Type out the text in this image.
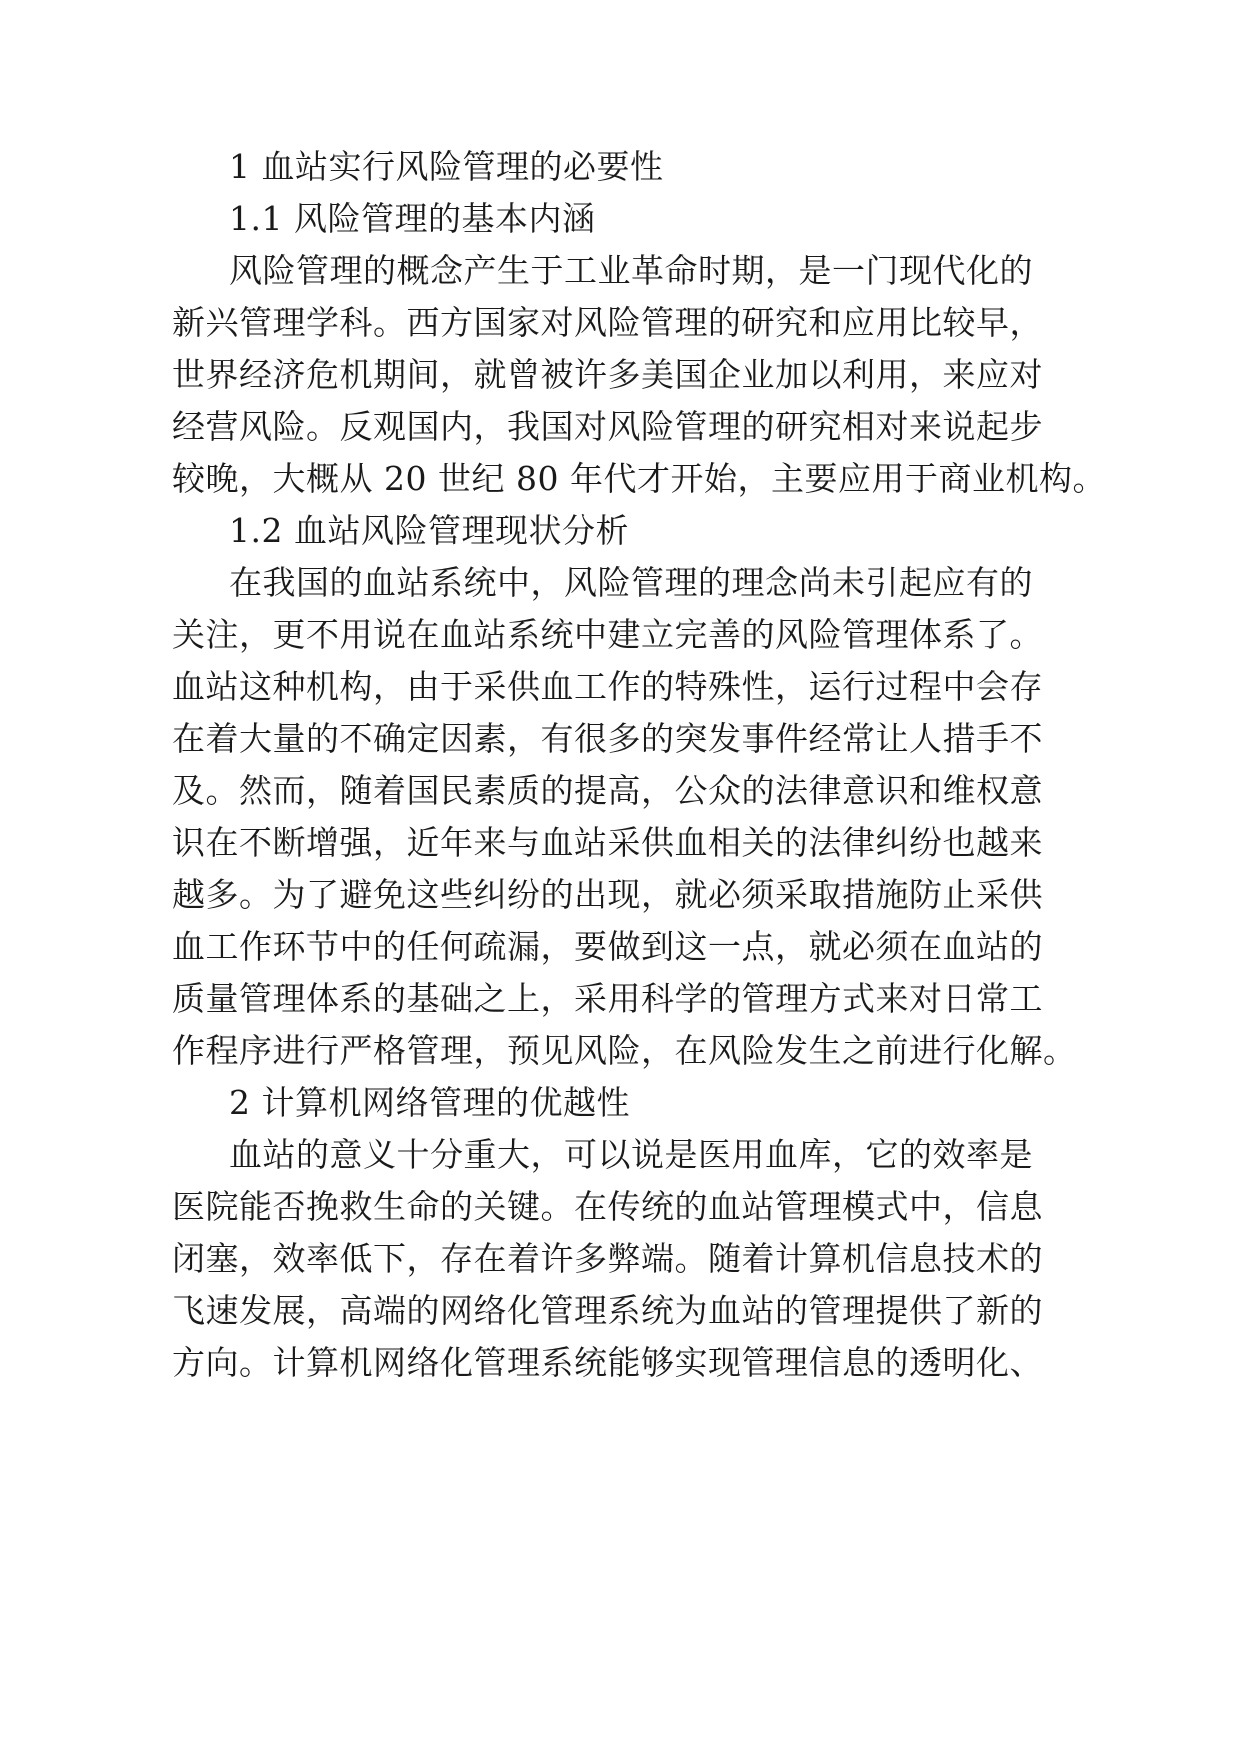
1 血站实行风险管理的必要性
1.1 风险管理的基本内涵
风险管理的概念产生于工业革命时期，是一门现代化的
新兴管理学科。西方国家对风险管理的研究和应用比较早，
世界经济危机期间，就曾被许多美国企业加以利用，来应对
经营风险。反观国内，我国对风险管理的研究相对来说起步
较晚，大概从 20 世纪 80 年代才开始，主要应用于商业机构。
1.2 血站风险管理现状分析
在我国的血站系统中，风险管理的理念尚未引起应有的
关注，更不用说在血站系统中建立完善的风险管理体系了。
血站这种机构，由于采供血工作的特殊性，运行过程中会存
在着大量的不确定因素，有很多的突发事件经常让人措手不
及。然而，随着国民素质的提高，公众的法律意识和维权意
识在不断增强，近年来与血站采供血相关的法律纠纷也越来
越多。为了避免这些纠纷的出现，就必须采取措施防止采供
血工作环节中的任何疏漏，要做到这一点，就必须在血站的
质量管理体系的基础之上，采用科学的管理方式来对日常工
作程序进行严格管理，预见风险，在风险发生之前进行化解。
2 计算机网络管理的优越性
血站的意义十分重大，可以说是医用血库，它的效率是
医院能否挽救生命的关键。在传统的血站管理模式中，信息
闭塞，效率低下，存在着许多弊端。随着计算机信息技术的
飞速发展，高端的网络化管理系统为血站的管理提供了新的
方向。计算机网络化管理系统能够实现管理信息的透明化、
